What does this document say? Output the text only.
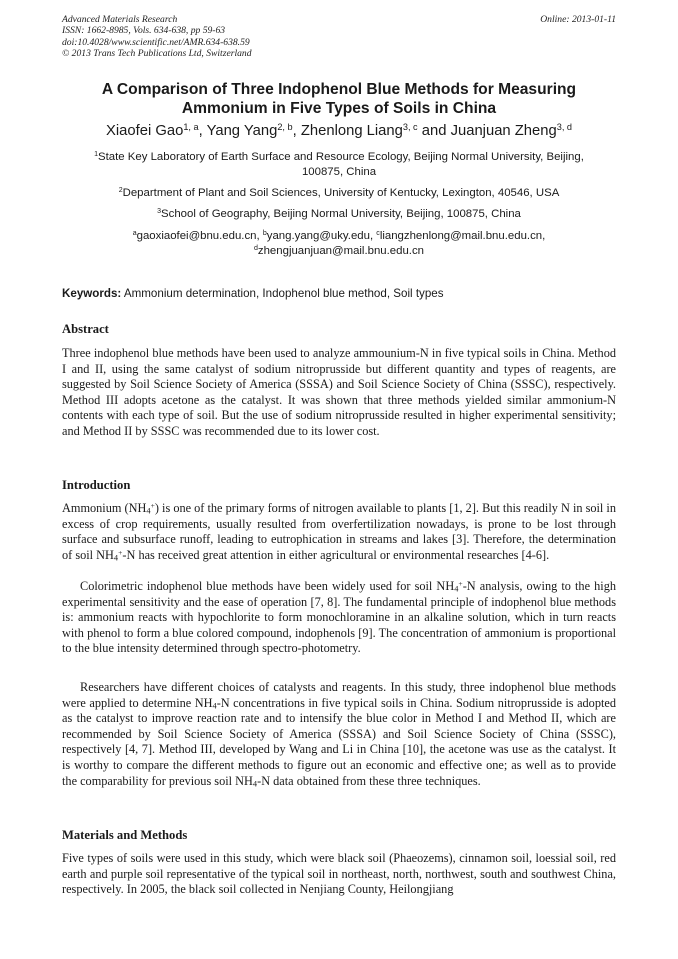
Advanced Materials Research
ISSN: 1662-8985, Vols. 634-638, pp 59-63
doi:10.4028/www.scientific.net/AMR.634-638.59
© 2013 Trans Tech Publications Ltd, Switzerland
Online: 2013-01-11
A Comparison of Three Indophenol Blue Methods for Measuring
Ammonium in Five Types of Soils in China
Xiaofei Gao$^{1, a}$, Yang Yang$^{2, b}$, Zhenlong Liang$^{3, c}$ and Juanjuan Zheng$^{3, d}$
$^1$State Key Laboratory of Earth Surface and Resource Ecology, Beijing Normal University, Beijing,
100875, China
$^2$Department of Plant and Soil Sciences, University of Kentucky, Lexington, 40546, USA
$^3$School of Geography, Beijing Normal University, Beijing, 100875, China
$^a$gaoxiaofei@bnu.edu.cn, $^b$yang.yang@uky.edu, $^c$liangzhenlong@mail.bnu.edu.cn,
$^d$zhengjuanjuan@mail.bnu.edu.cn
Keywords: Ammonium determination, Indophenol blue method, Soil types
Abstract
Three indophenol blue methods have been used to analyze ammounium-N in five typical soils in China. Method I and II, using the same catalyst of sodium nitroprusside but different quantity and types of reagents, are suggested by Soil Science Society of America (SSSA) and Soil Science Society of China (SSSC), respectively. Method III adopts acetone as the catalyst. It was shown that three methods yielded similar ammonium-N contents with each type of soil. But the use of sodium nitroprusside resulted in higher experimental sensitivity; and Method II by SSSC was recommended due to its lower cost.
Introduction
Ammonium $(NH_4^+)$ is one of the primary forms of nitrogen available to plants [1, 2]. But this readily N in soil in excess of crop requirements, usually resulted from overfertilization nowadays, is prone to be lost through surface and subsurface runoff, leading to eutrophication in streams and lakes [3]. Therefore, the determination of soil $NH_4^+-N$ has received great attention in either agricultural or environmental researches [4-6].
Colorimetric indophenol blue methods have been widely used for soil $NH_4^+-N$ analysis, owing to the high experimental sensitivity and the ease of operation [7, 8]. The fundamental principle of indophenol blue methods is: ammonium reacts with hypochlorite to form monochloramine in an alkaline solution, which in turn reacts with phenol to form a blue colored compound, indophenols [9]. The concentration of ammonium is proportional to the blue intensity determined through spectro-photometry.
Researchers have different choices of catalysts and reagents. In this study, three indophenol blue methods were applied to determine $NH_4-N$ concentrations in five typical soils in China. Sodium nitroprusside is adopted as the catalyst to improve reaction rate and to intensify the blue color in Method I and Method II, which are recommended by Soil Science Society of America (SSSA) and Soil Science Society of China (SSSC), respectively [4, 7]. Method III, developed by Wang and Li in China [10], the acetone was use as the catalyst. It is worthy to compare the different methods to figure out an economic and effective one; as well as to provide the comparability for previous soil $NH_4-N$ data obtained from these three techniques.
Materials and Methods
Five types of soils were used in this study, which were black soil (Phaeozems), cinnamon soil, loessial soil, red earth and purple soil representative of the typical soil in northeast, north, northwest, south and southwest China, respectively. In 2005, the black soil collected in Nenjiang County, Heilongjiang
